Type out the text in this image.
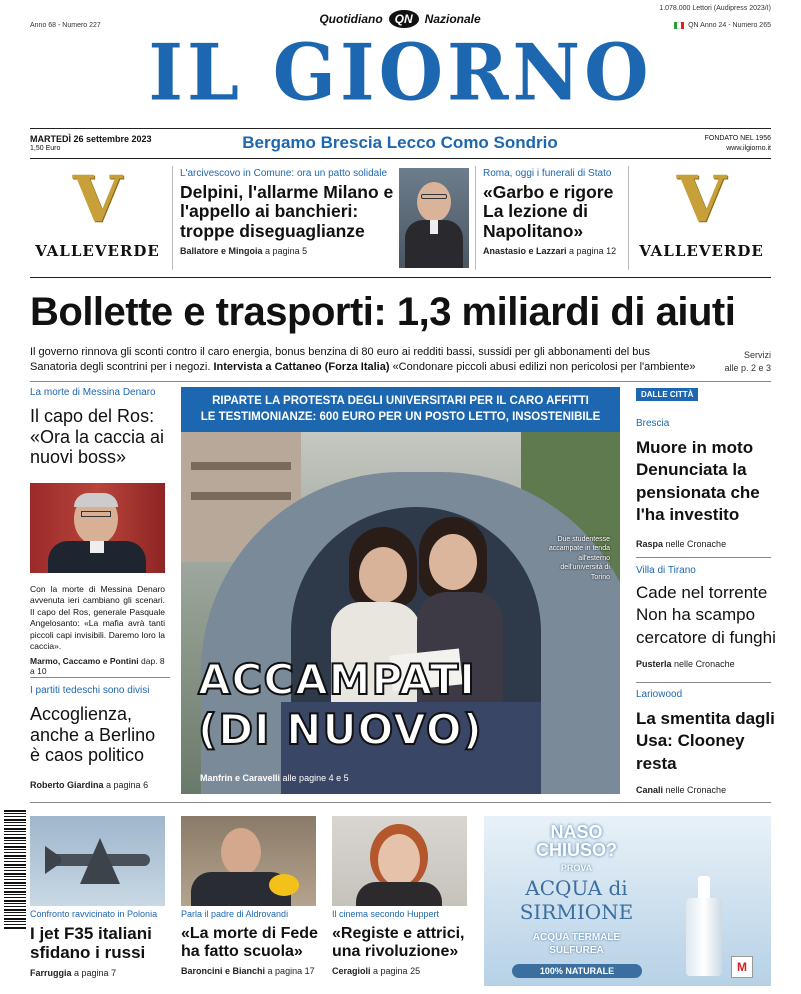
Anno 68 - Numero 227	Quotidiano	QN	Nazionale
1.078.000 Lettori (Audipress 2023/I)
QN Anno 24 - Numero 265
IL GIORNO
MARTEDÌ 26 settembre 2023
1,50 Euro	Bergamo Brescia Lecco Como Sondrio	FONDATO NEL 1956
www.ilgiorno.it
V
VALLEVERDE
V
VALLEVERDE
L'arcivescovo in Comune: ora un patto solidale
Delpini, l'allarme Milano e l'appello ai banchieri: troppe diseguaglianze
Ballatore e Mingoia a pagina 5
Roma, oggi i funerali di Stato
«Garbo e rigore La lezione di Napolitano»
Anastasio e Lazzari a pagina 12
Bollette e trasporti: 1,3 miliardi di aiuti
Il governo rinnova gli sconti contro il caro energia, bonus benzina di 80 euro ai redditi bassi, sussidi per gli abbonamenti del bus
Sanatoria degli scontrini per i negozi. Intervista a Cattaneo (Forza Italia) «Condonare piccoli abusi edilizi non pericolosi per l'ambiente»
Servizi
alle p. 2 e 3
La morte di Messina Denaro
Il capo del Ros: «Ora la caccia ai nuovi boss»
Con la morte di Messina Denaro avvenuta ieri cambiano gli scenari. Il capo del Ros, generale Pasquale Angelosanto: «La mafia avrà tanti piccoli capi invisibili. Daremo loro la caccia».
Marmo, Caccamo e Pontini dap. 8 a 10
I partiti tedeschi sono divisi
Accoglienza, anche a Berlino è caos politico
Roberto Giardina a pagina 6
RIPARTE LA PROTESTA DEGLI UNIVERSITARI PER IL CARO AFFITTI
LE TESTIMONIANZE: 600 EURO PER UN POSTO LETTO, INSOSTENIBILE
Due studentesse accampate in tenda all'esterno dell'università di Torino
ACCAMPATI
(DI NUOVO)
Manfrin e Caravelli alle pagine 4 e 5
DALLE CITTÀ
Brescia
Muore in moto Denunciata la pensionata che l'ha investito
Raspa nelle Cronache
Villa di Tirano
Cade nel torrente Non ha scampo cercatore di funghi
Pusterla nelle Cronache
Lariowood
La smentita dagli Usa: Clooney resta
Canali nelle Cronache
Confronto ravvicinato in Polonia
I jet F35 italiani sfidano i russi
Farruggia a pagina 7
Parla il padre di Aldrovandi
«La morte di Fede ha fatto scuola»
Baroncini e Bianchi a pagina 17
Il cinema secondo Huppert
«Registe e attrici, una rivoluzione»
Ceragioli a pagina 25
NASO
CHIUSO?
PROVA
ACQUA di
SIRMIONE
ACQUA TERMALE
SULFUREA
100% NATURALE	M
